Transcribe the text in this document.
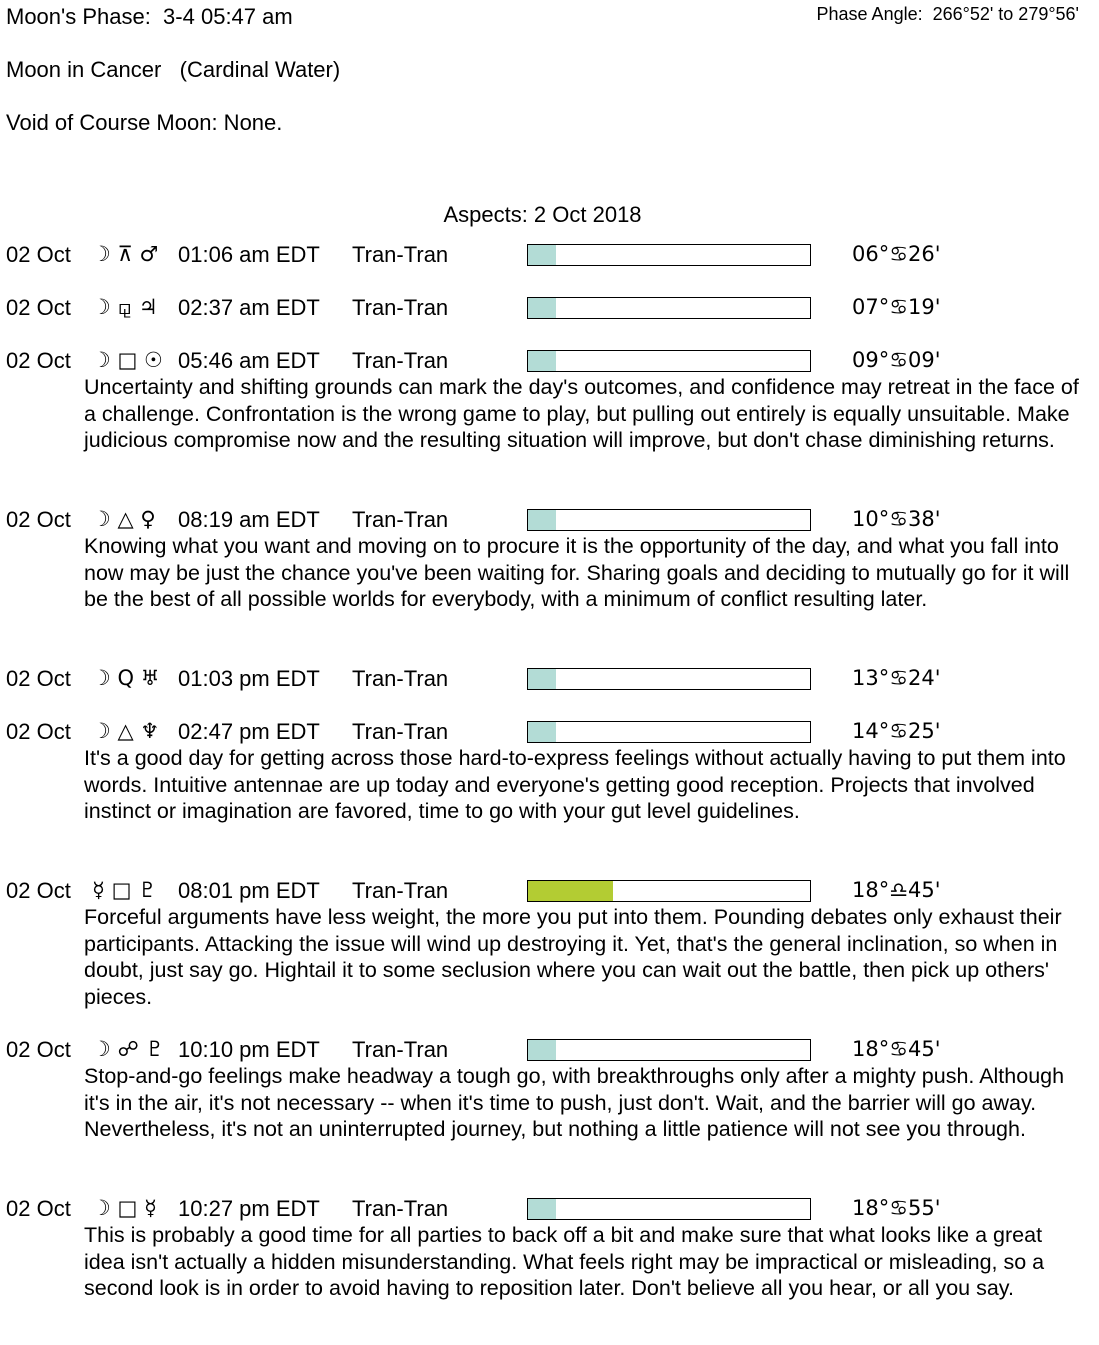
Moon's Phase:  3-4 05:47 am	Phase Angle:  266°52' to 279°56'
Moon in Cancer   (Cardinal Water)
Void of Course Moon: None.
Aspects: 2 Oct 2018
02 Oct ☽ ⊼ ♂ 01:06 am EDT Tran-Tran	06°♋26'
02 Oct ☽ ⚼ ♃ 02:37 am EDT Tran-Tran	07°♋19'
02 Oct ☽ □ ☉ 05:46 am EDT Tran-Tran	09°♋09'
Uncertainty and shifting grounds can mark the day's outcomes, and confidence may retreat in the face of a challenge. Confrontation is the wrong game to play, but pulling out entirely is equally unsuitable. Make judicious compromise now and the resulting situation will improve, but don't chase diminishing returns.
02 Oct ☽ △ ♀ 08:19 am EDT Tran-Tran	10°♋38'
Knowing what you want and moving on to procure it is the opportunity of the day, and what you fall into now may be just the chance you've been waiting for. Sharing goals and deciding to mutually go for it will be the best of all possible worlds for everybody, with a minimum of conflict resulting later.
02 Oct ☽ Q ♅ 01:03 pm EDT Tran-Tran	13°♋24'
02 Oct ☽ △ ♆ 02:47 pm EDT Tran-Tran	14°♋25'
It's a good day for getting across those hard-to-express feelings without actually having to put them into words. Intuitive antennae are up today and everyone's getting good reception. Projects that involved instinct or imagination are favored, time to go with your gut level guidelines.
02 Oct ☿ □ ♇ 08:01 pm EDT Tran-Tran	18°♎45'
Forceful arguments have less weight, the more you put into them. Pounding debates only exhaust their participants. Attacking the issue will wind up destroying it. Yet, that's the general inclination, so when in doubt, just say go. Hightail it to some seclusion where you can wait out the battle, then pick up others' pieces.
02 Oct ☽ ☍ ♇ 10:10 pm EDT Tran-Tran	18°♋45'
Stop-and-go feelings make headway a tough go, with breakthroughs only after a mighty push. Although it's in the air, it's not necessary -- when it's time to push, just don't. Wait, and the barrier will go away. Nevertheless, it's not an uninterrupted journey, but nothing a little patience will not see you through.
02 Oct ☽ □ ☿ 10:27 pm EDT Tran-Tran	18°♋55'
This is probably a good time for all parties to back off a bit and make sure that what looks like a great idea isn't actually a hidden misunderstanding. What feels right may be impractical or misleading, so a second look is in order to avoid having to reposition later. Don't believe all you hear, or all you say.
